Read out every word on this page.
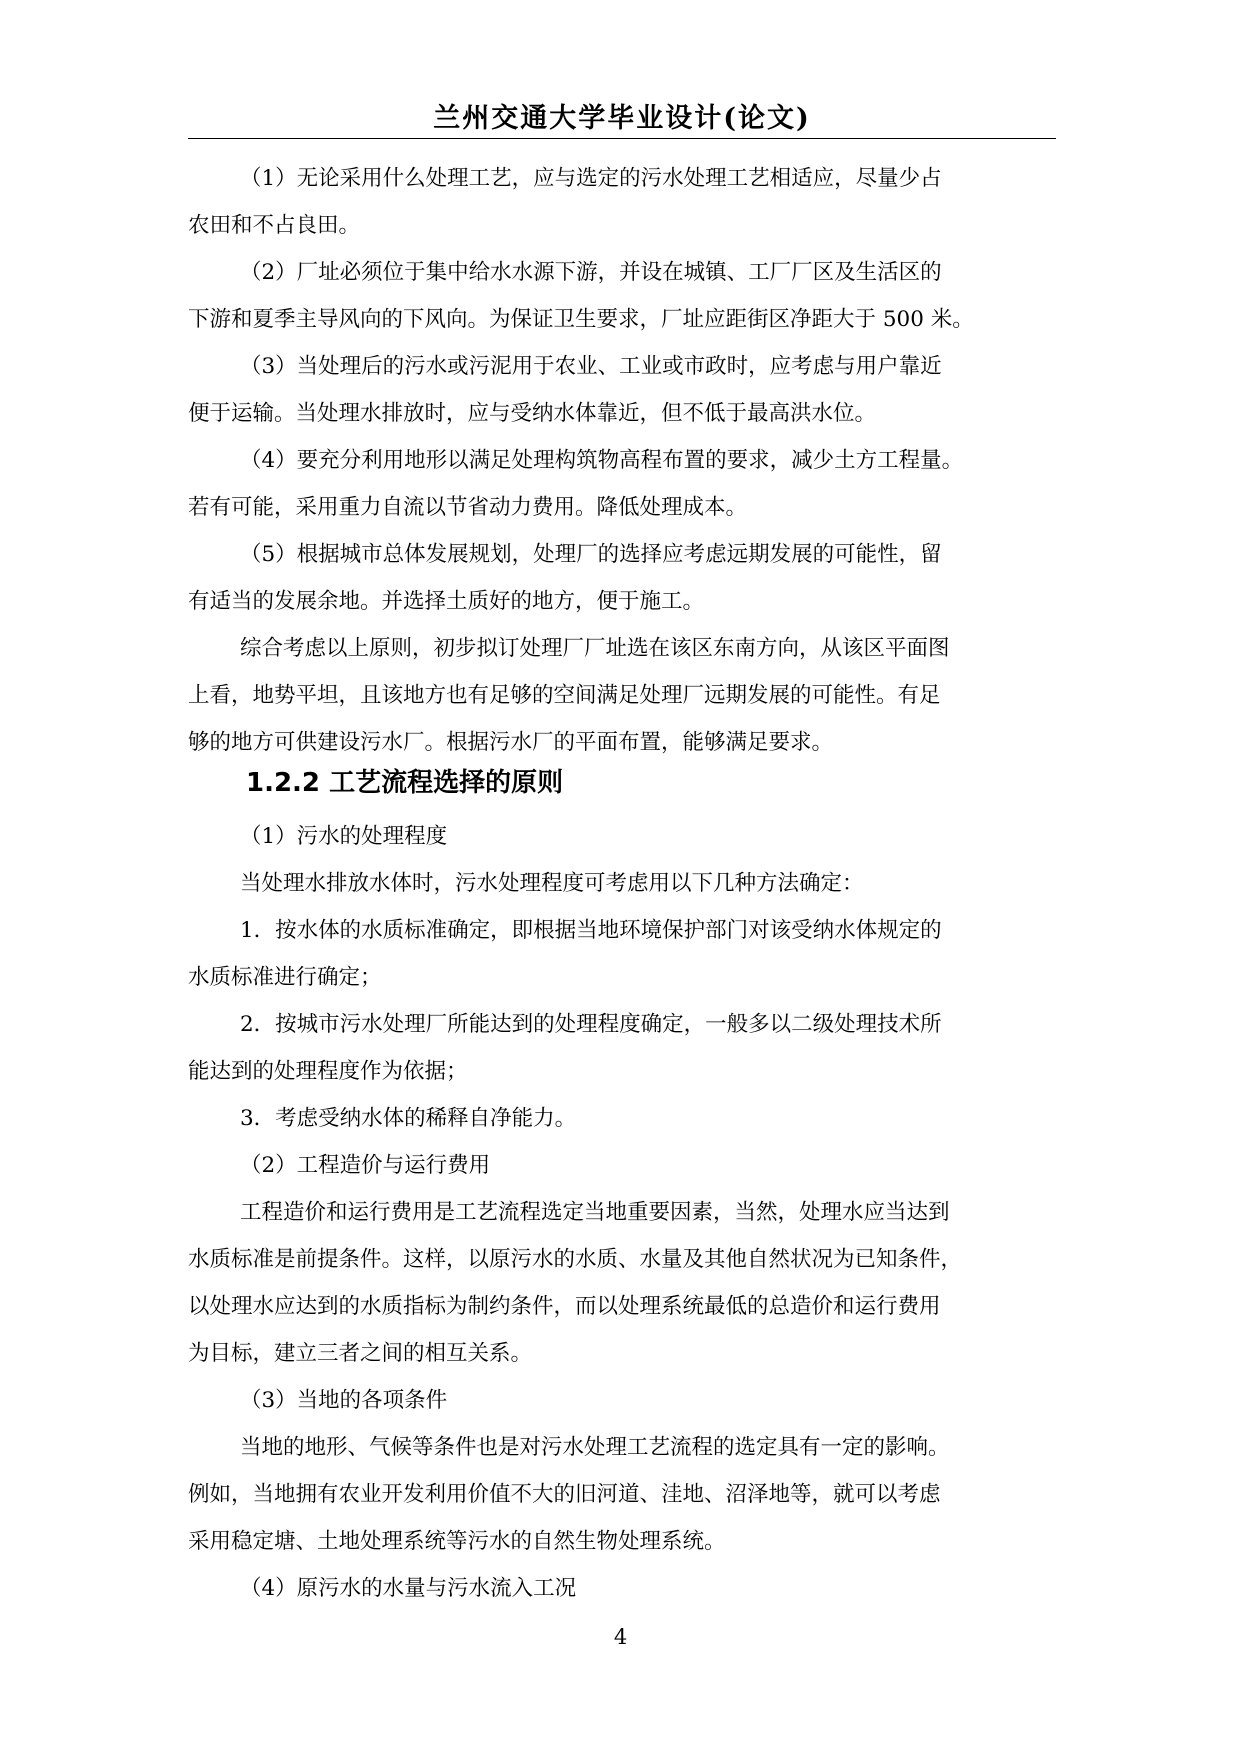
兰州交通大学毕业设计(论文)
（1）无论采用什么处理工艺，应与选定的污水处理工艺相适应，尽量少占
农田和不占良田。
（2）厂址必须位于集中给水水源下游，并设在城镇、工厂厂区及生活区的
下游和夏季主导风向的下风向。为保证卫生要求，厂址应距街区净距大于 500 米。
（3）当处理后的污水或污泥用于农业、工业或市政时，应考虑与用户靠近
便于运输。当处理水排放时，应与受纳水体靠近，但不低于最高洪水位。
（4）要充分利用地形以满足处理构筑物高程布置的要求，减少土方工程量。
若有可能，采用重力自流以节省动力费用。降低处理成本。
（5）根据城市总体发展规划，处理厂的选择应考虑远期发展的可能性，留
有适当的发展余地。并选择土质好的地方，便于施工。
综合考虑以上原则，初步拟订处理厂厂址选在该区东南方向，从该区平面图
上看，地势平坦，且该地方也有足够的空间满足处理厂远期发展的可能性。有足
够的地方可供建设污水厂。根据污水厂的平面布置，能够满足要求。
1.2.2 工艺流程选择的原则
（1）污水的处理程度
当处理水排放水体时，污水处理程度可考虑用以下几种方法确定：
1．按水体的水质标准确定，即根据当地环境保护部门对该受纳水体规定的
水质标准进行确定；
2．按城市污水处理厂所能达到的处理程度确定，一般多以二级处理技术所
能达到的处理程度作为依据；
3．考虑受纳水体的稀释自净能力。
（2）工程造价与运行费用
工程造价和运行费用是工艺流程选定当地重要因素，当然，处理水应当达到
水质标准是前提条件。这样，以原污水的水质、水量及其他自然状况为已知条件，
以处理水应达到的水质指标为制约条件，而以处理系统最低的总造价和运行费用
为目标，建立三者之间的相互关系。
（3）当地的各项条件
当地的地形、气候等条件也是对污水处理工艺流程的选定具有一定的影响。
例如，当地拥有农业开发利用价值不大的旧河道、洼地、沼泽地等，就可以考虑
采用稳定塘、土地处理系统等污水的自然生物处理系统。
（4）原污水的水量与污水流入工况
4
